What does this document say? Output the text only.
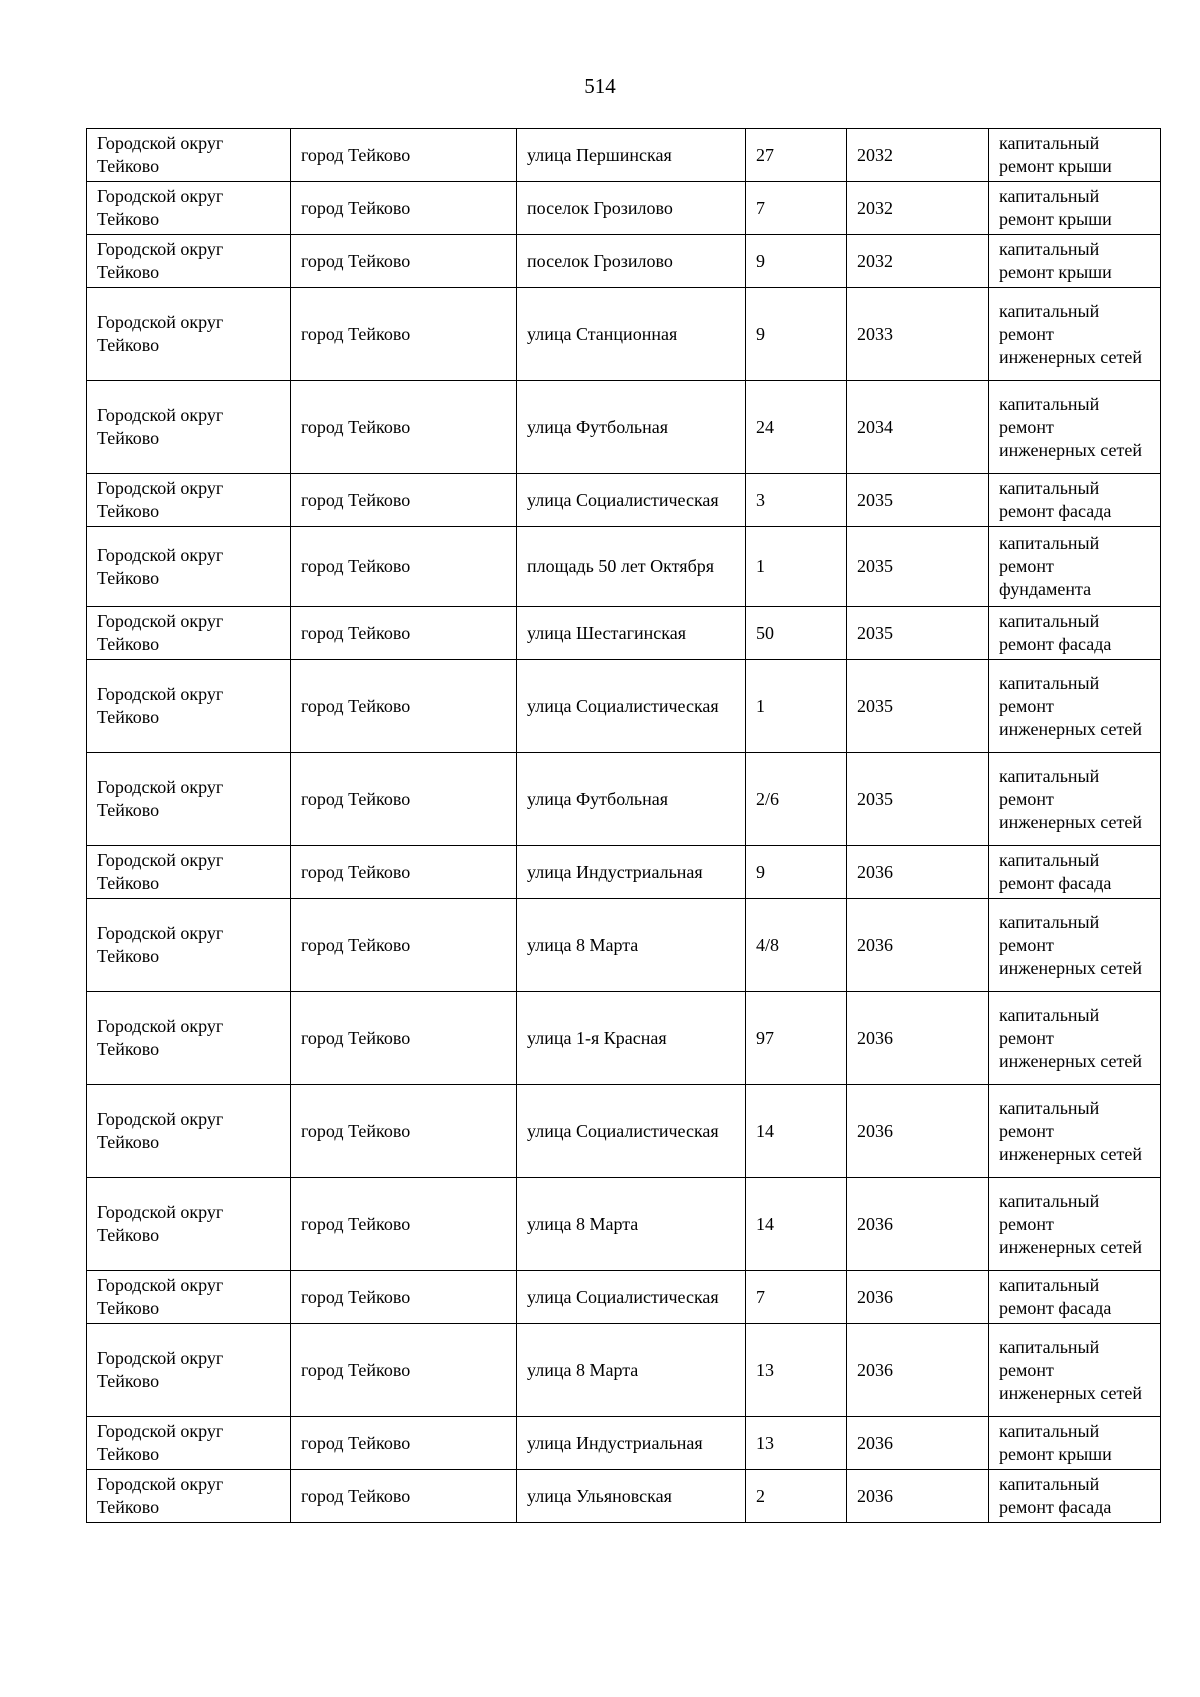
514
Городской округ Тейково	город Тейково	улица Першинская	27	2032	капитальный ремонт крыши
Городской округ Тейково	город Тейково	поселок Грозилово	7	2032	капитальный ремонт крыши
Городской округ Тейково	город Тейково	поселок Грозилово	9	2032	капитальный ремонт крыши
Городской округ Тейково	город Тейково	улица Станционная	9	2033	капитальный ремонт инженерных сетей
Городской округ Тейково	город Тейково	улица Футбольная	24	2034	капитальный ремонт инженерных сетей
Городской округ Тейково	город Тейково	улица Социалистическая	3	2035	капитальный ремонт фасада
Городской округ Тейково	город Тейково	площадь 50 лет Октября	1	2035	капитальный ремонт фундамента
Городской округ Тейково	город Тейково	улица Шестагинская	50	2035	капитальный ремонт фасада
Городской округ Тейково	город Тейково	улица Социалистическая	1	2035	капитальный ремонт инженерных сетей
Городской округ Тейково	город Тейково	улица Футбольная	2/6	2035	капитальный ремонт инженерных сетей
Городской округ Тейково	город Тейково	улица Индустриальная	9	2036	капитальный ремонт фасада
Городской округ Тейково	город Тейково	улица 8 Марта	4/8	2036	капитальный ремонт инженерных сетей
Городской округ Тейково	город Тейково	улица 1-я Красная	97	2036	капитальный ремонт инженерных сетей
Городской округ Тейково	город Тейково	улица Социалистическая	14	2036	капитальный ремонт инженерных сетей
Городской округ Тейково	город Тейково	улица 8 Марта	14	2036	капитальный ремонт инженерных сетей
Городской округ Тейково	город Тейково	улица Социалистическая	7	2036	капитальный ремонт фасада
Городской округ Тейково	город Тейково	улица 8 Марта	13	2036	капитальный ремонт инженерных сетей
Городской округ Тейково	город Тейково	улица Индустриальная	13	2036	капитальный ремонт крыши
Городской округ Тейково	город Тейково	улица Ульяновская	2	2036	капитальный ремонт фасада
